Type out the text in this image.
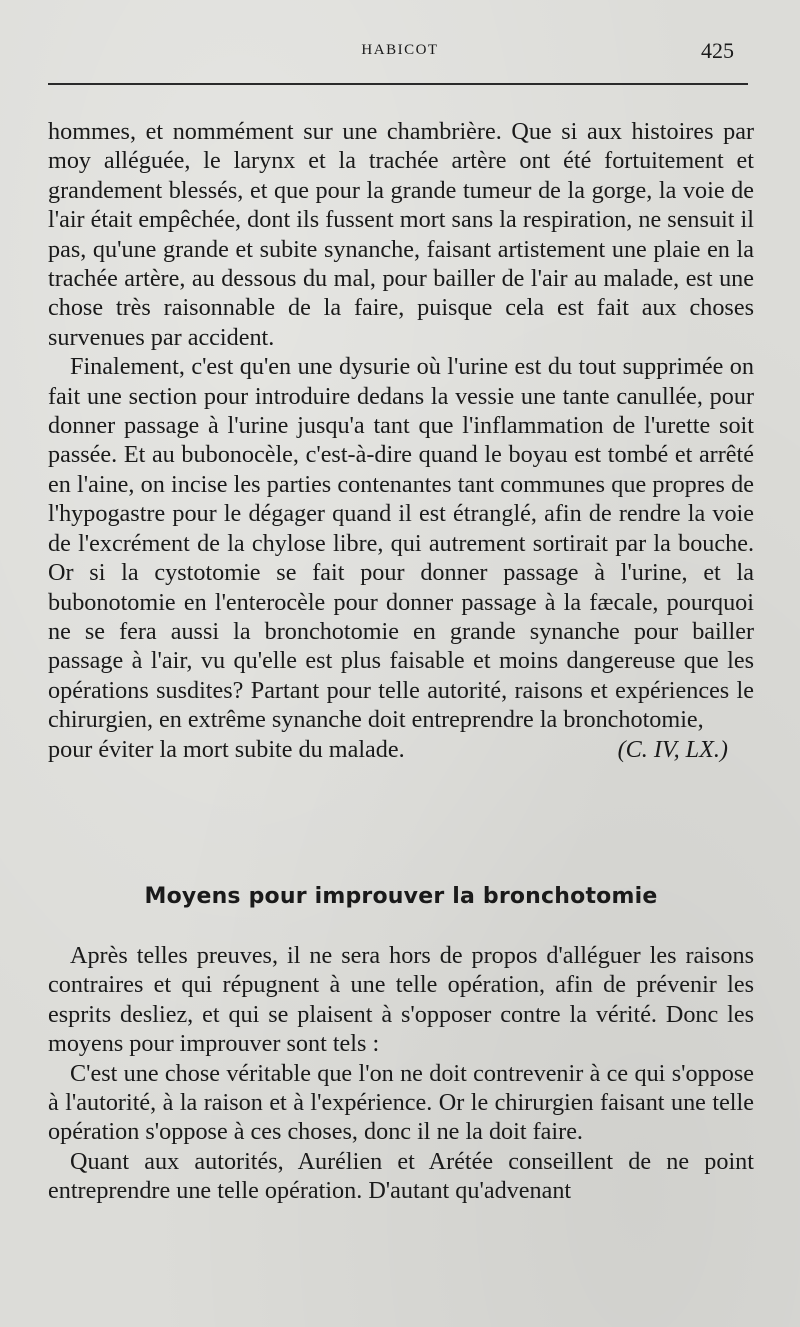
HABICOT	425

hommes, et nommément sur une chambrière. Que si aux histoires par moy alléguée, le larynx et la trachée artère ont été fortuitement et grandement blessés, et que pour la grande tumeur de la gorge, la voie de l'air était empêchée, dont ils fussent mort sans la respiration, ne sensuit il pas, qu'une grande et subite synanche, faisant artistement une plaie en la trachée artère, au dessous du mal, pour bailler de l'air au malade, est une chose très raisonnable de la faire, puisque cela est fait aux choses survenues par accident.

Finalement, c'est qu'en une dysurie où l'urine est du tout supprimée on fait une section pour introduire dedans la vessie une tante canullée, pour donner passage à l'urine jusqu'a tant que l'inflammation de l'urette soit passée. Et au bubonocèle, c'est-à-dire quand le boyau est tombé et arrêté en l'aine, on incise les parties contenantes tant communes que propres de l'hypogastre pour le dégager quand il est étranglé, afin de rendre la voie de l'excrément de la chylose libre, qui autrement sortirait par la bouche. Or si la cystotomie se fait pour donner passage à l'urine, et la bubonotomie en l'enterocèle pour donner passage à la fæcale, pourquoi ne se fera aussi la bronchotomie en grande synanche pour bailler passage à l'air, vu qu'elle est plus faisable et moins dangereuse que les opérations susdites? Partant pour telle autorité, raisons et expériences le chirurgien, en extrême synanche doit entreprendre la bronchotomie,

pour éviter la mort subite du malade.	(C. IV, LX.)
Moyens pour improuver la bronchotomie

Après telles preuves, il ne sera hors de propos d'alléguer les raisons contraires et qui répugnent à une telle opération, afin de prévenir les esprits desliez, et qui se plaisent à s'opposer contre la vérité. Donc les moyens pour improuver sont tels :

C'est une chose véritable que l'on ne doit contrevenir à ce qui s'oppose à l'autorité, à la raison et à l'expérience. Or le chirurgien faisant une telle opération s'oppose à ces choses, donc il ne la doit faire.

Quant aux autorités, Aurélien et Arétée conseillent de ne point entreprendre une telle opération. D'autant qu'advenant
